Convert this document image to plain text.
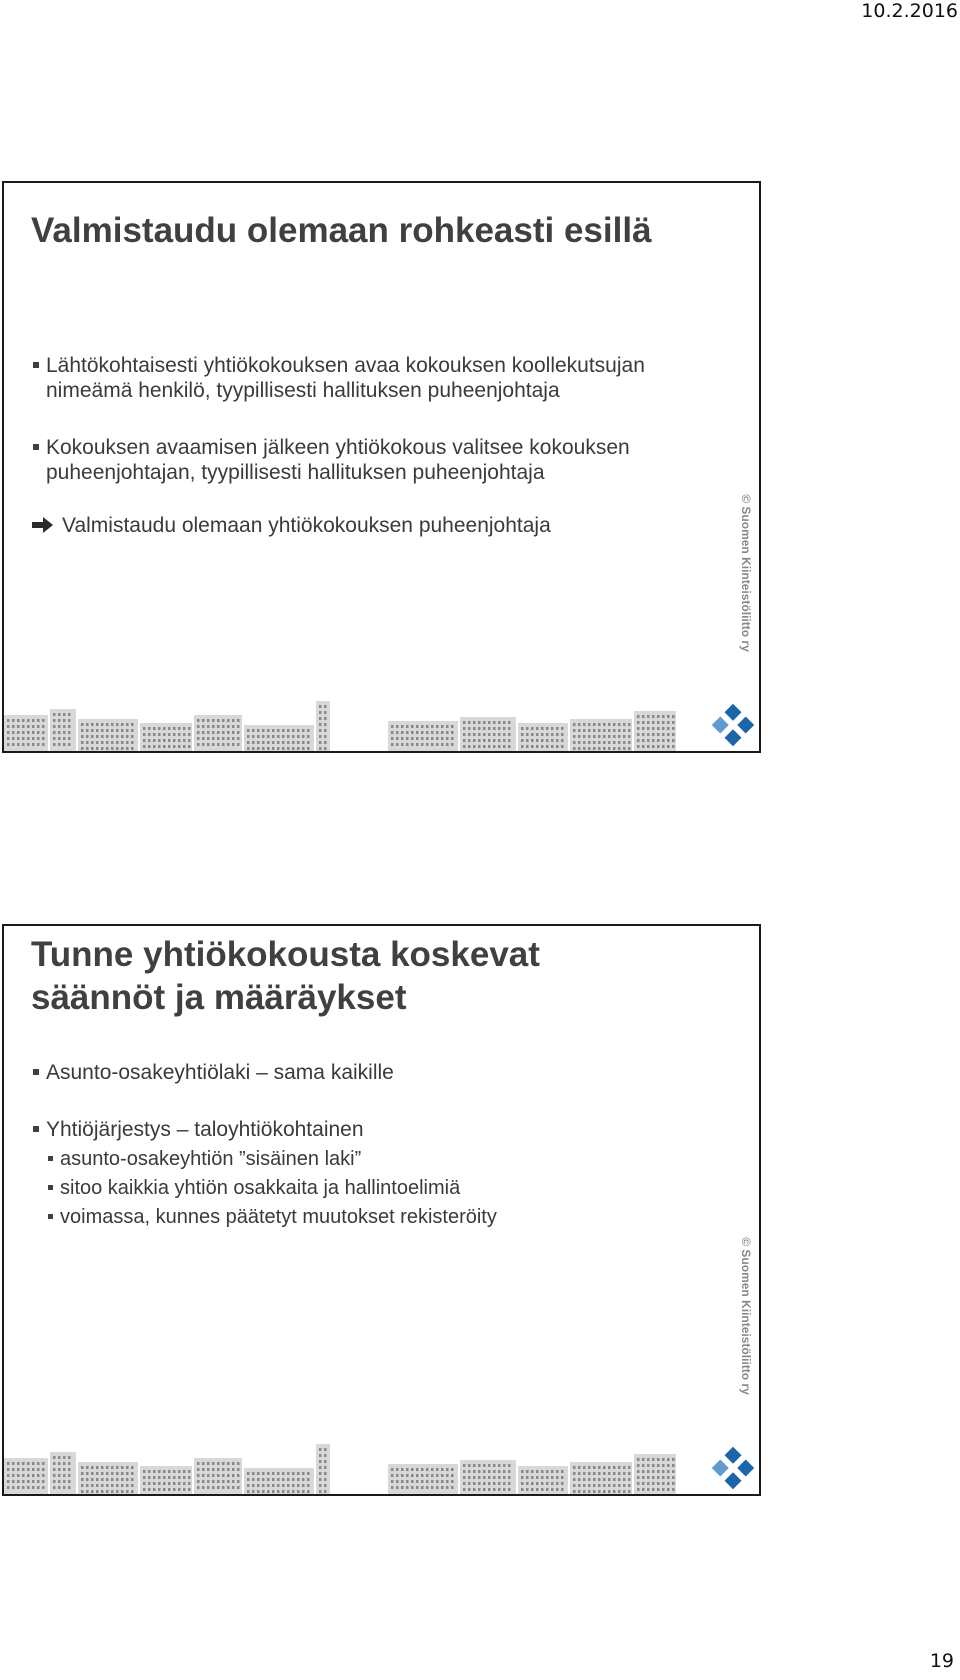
10.2.2016
Valmistaudu olemaan rohkeasti esillä
Lähtökohtaisesti yhtiökokouksen avaa kokouksen koollekutsujan nimeämä henkilö, tyypillisesti hallituksen puheenjohtaja
Kokouksen avaamisen jälkeen yhtiökokous valitsee kokouksen puheenjohtajan, tyypillisesti hallituksen puheenjohtaja
Valmistaudu olemaan yhtiökokouksen puheenjohtaja	© Suomen Kiinteistöliitto ry
Tunne yhtiökokousta koskevat
säännöt ja määräykset
Asunto-osakeyhtiölaki – sama kaikille
Yhtiöjärjestys – taloyhtiökohtainen
asunto-osakeyhtiön ”sisäinen laki”
sitoo kaikkia yhtiön osakkaita ja hallintoelimiä
voimassa, kunnes päätetyt muutokset rekisteröity
© Suomen Kiinteistöliitto ry
19
